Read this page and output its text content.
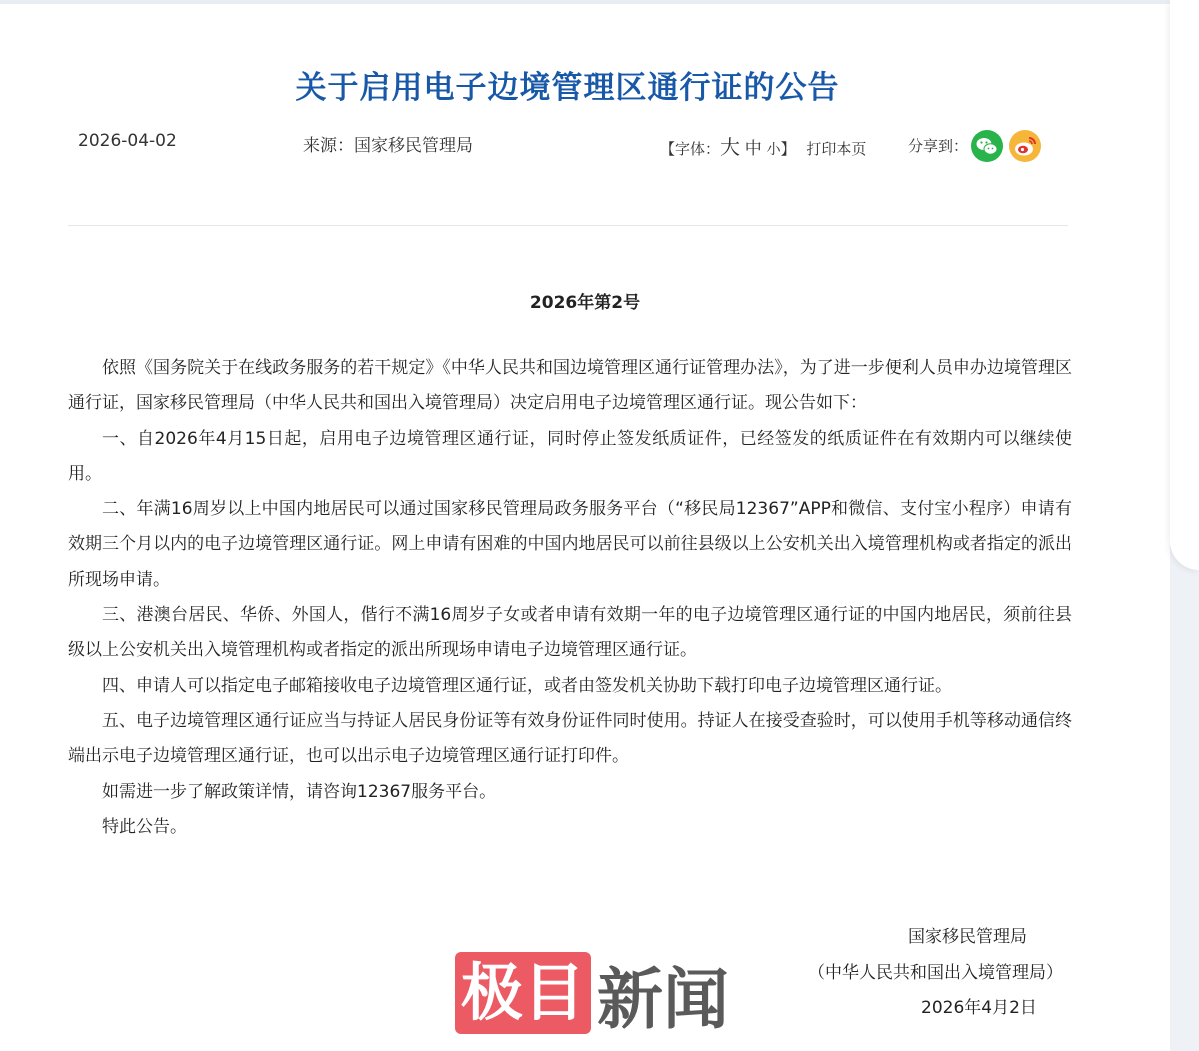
关于启用电子边境管理区通行证的公告
2026-04-02	来源：国家移民管理局	【字体：大 中 小】 打印本页	分享到：
2026年第2号

依照《国务院关于在线政务服务的若干规定》《中华人民共和国边境管理区通行证管理办法》，为了进一步便利人员申办边境管理区通行证，国家移民管理局（中华人民共和国出入境管理局）决定启用电子边境管理区通行证。现公告如下：

一、自2026年4月15日起，启用电子边境管理区通行证，同时停止签发纸质证件，已经签发的纸质证件在有效期内可以继续使用。

二、年满16周岁以上中国内地居民可以通过国家移民管理局政务服务平台（“移民局12367”APP和微信、支付宝小程序）申请有效期三个月以内的电子边境管理区通行证。网上申请有困难的中国内地居民可以前往县级以上公安机关出入境管理机构或者指定的派出所现场申请。

三、港澳台居民、华侨、外国人，偕行不满16周岁子女或者申请有效期一年的电子边境管理区通行证的中国内地居民，须前往县级以上公安机关出入境管理机构或者指定的派出所现场申请电子边境管理区通行证。

四、申请人可以指定电子邮箱接收电子边境管理区通行证，或者由签发机关协助下载打印电子边境管理区通行证。

五、电子边境管理区通行证应当与持证人居民身份证等有效身份证件同时使用。持证人在接受查验时，可以使用手机等移动通信终端出示电子边境管理区通行证，也可以出示电子边境管理区通行证打印件。

如需进一步了解政策详情，请咨询12367服务平台。

特此公告。

国家移民管理局
（中华人民共和国出入境管理局）
2026年4月2日
极目 新闻
